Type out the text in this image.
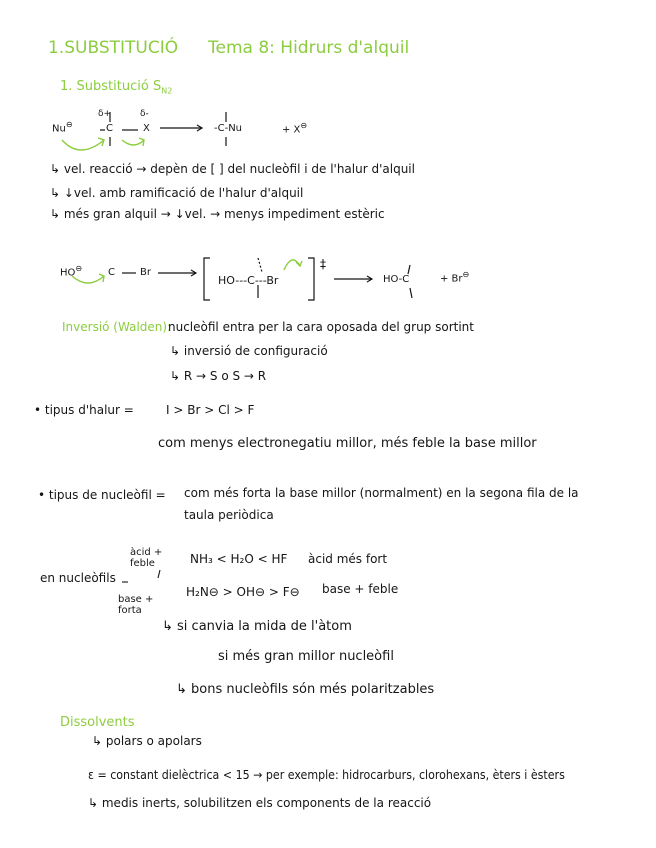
1.SUBSTITUCIÓ Tema 8: Hidrurs d'alquil
1. Substitució $S_{N2}$
Nu⊖
δ+	δ-
C	X	-C-Nu	+ X⊖
↳ vel. reacció → depèn de [ ] del nucleòfil i de l'halur d'alquil
↳ ↓vel. amb ramificació de l'halur d'alquil
↳ més gran alquil → ↓vel. → menys impediment estèric
HO⊖	C	Br
HO---C---Br
‡
HO-C	+ Br⊖
Inversió (Walden):
nucleòfil entra per la cara oposada del grup sortint
↳ inversió de configuració
↳ R → S o S → R
• tipus d'halur =	I > Br > Cl > F
com menys electronegatiu millor, més feble la base millor
• tipus de nucleòfil = com més forta la base millor (normalment) en la segona fila de la
taula periòdica
en nucleòfils
àcid + feble	NH₃ < H₂O < HF àcid més fort
base + forta
H₂N⊖ > OH⊖ > F⊖ base + feble
↳ si canvia la mida de l'àtom
si més gran millor nucleòfil
↳ bons nucleòfils són més polaritzables
Dissolvents
↳ polars o apolars
ε = constant dielèctrica < 15 → per exemple: hidrocarburs, clorohexans, èters i èsters
↳ medis inerts, solubilitzen els components de la reacció
